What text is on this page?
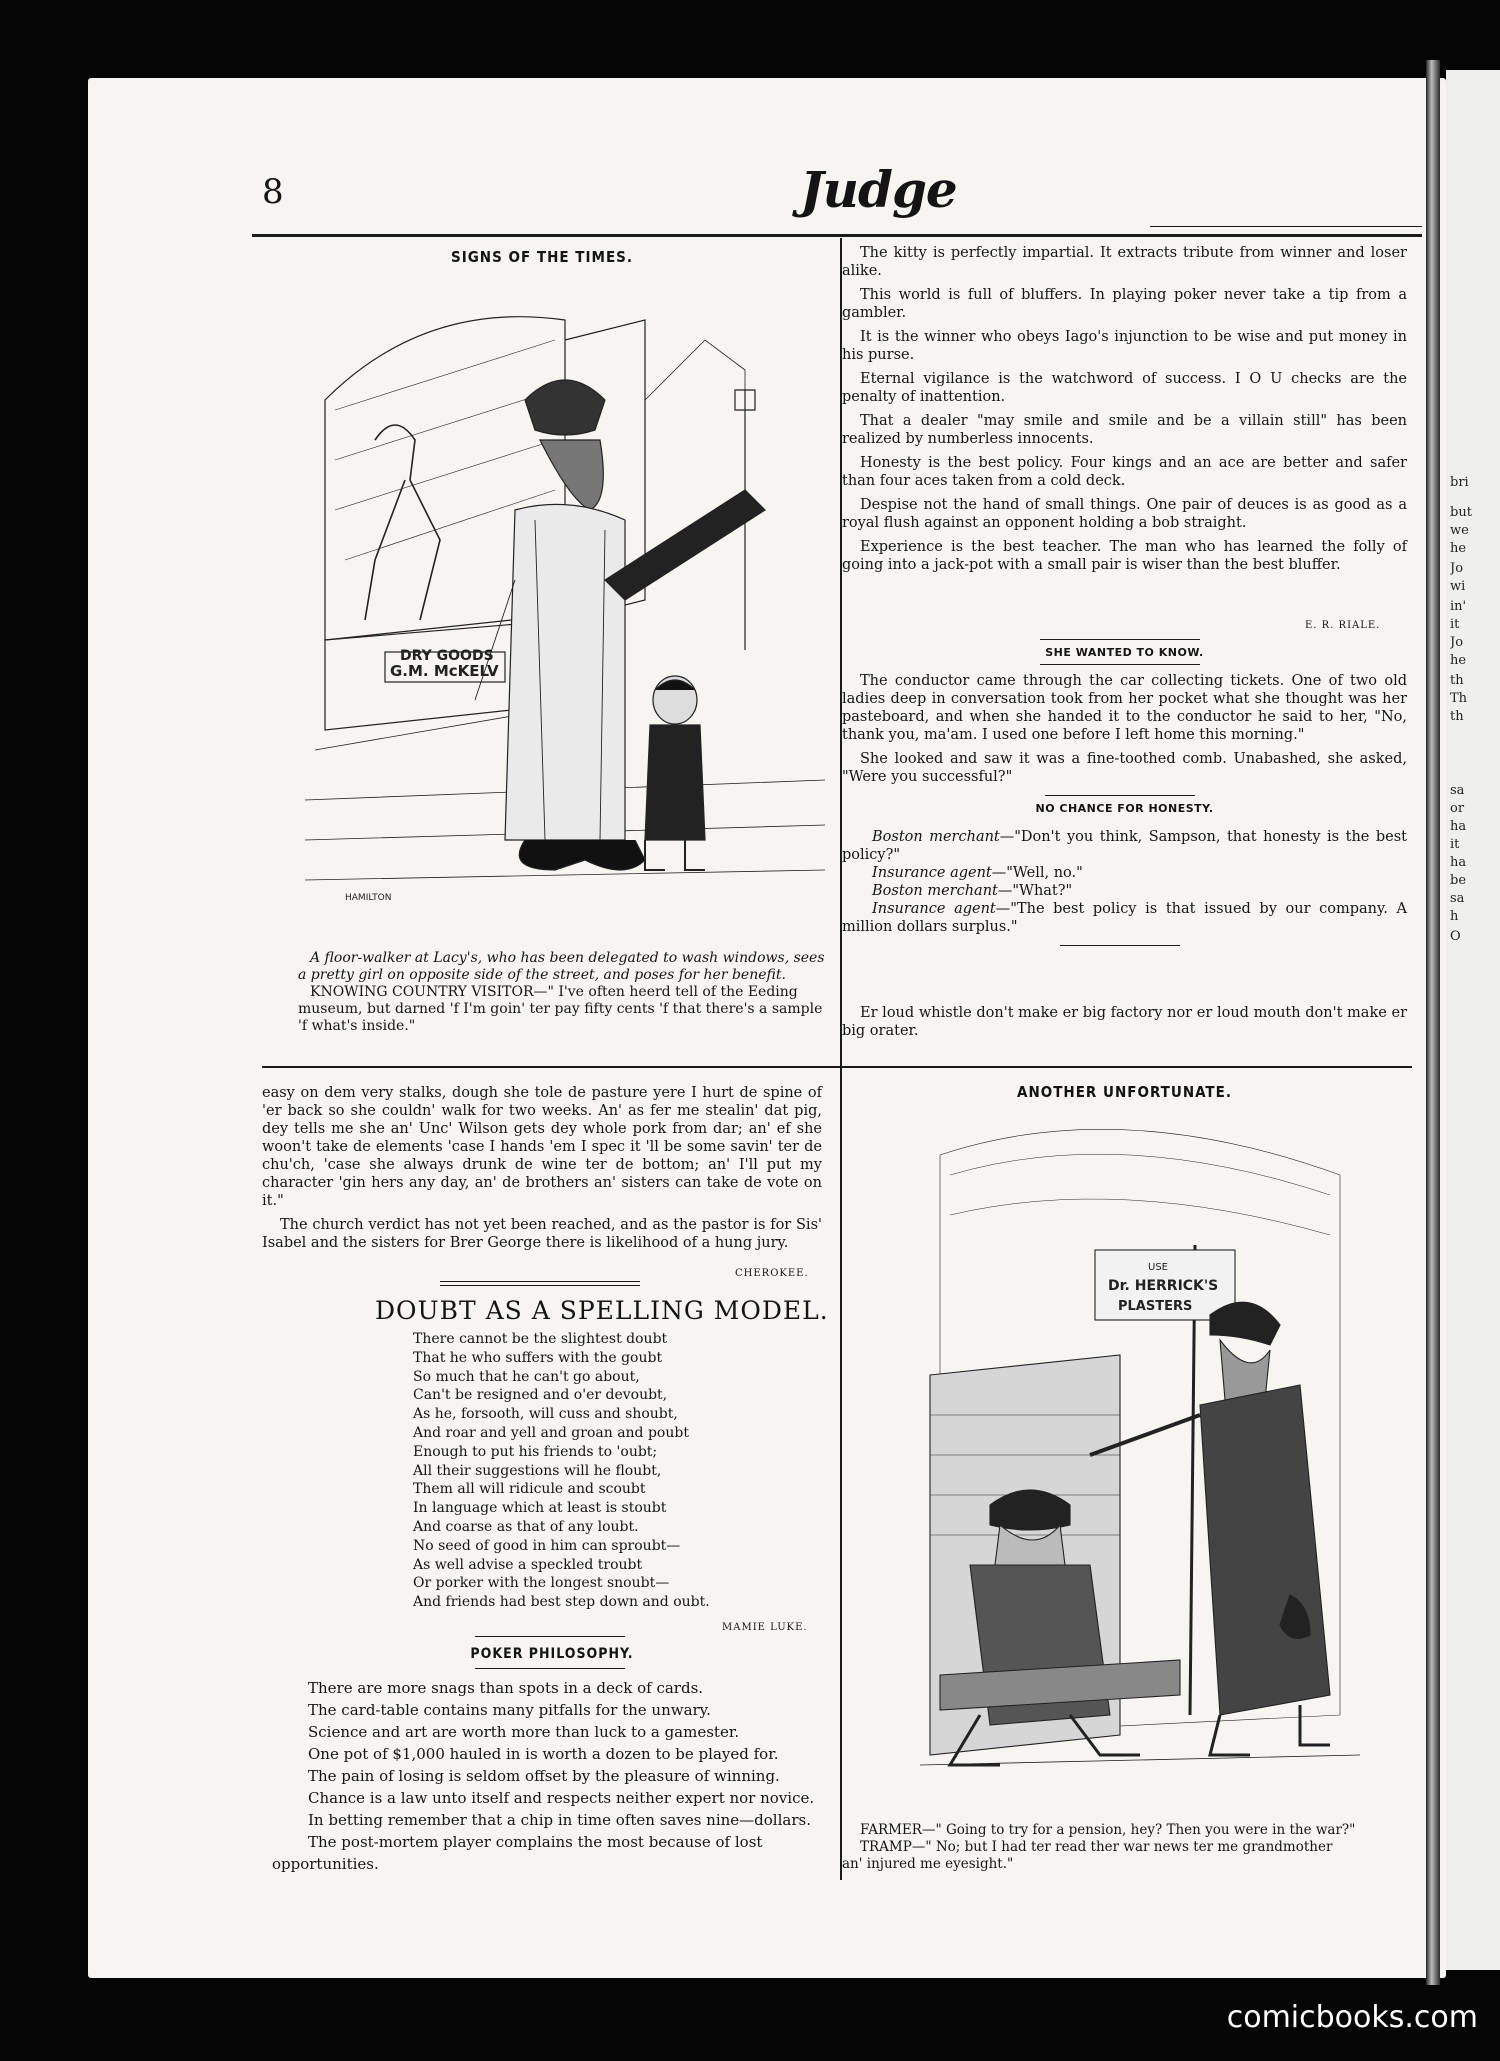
bri
but
we
he
Jo
wi
in'
it
Jo
he
th
Th
th
sa
or
ha
it
ha
be
sa
h
O
8	Judge
SIGNS OF THE TIMES.
DRY GOODS
G.M. McKELV
HAMILTON
A floor-walker at Lacy's, who has been delegated to wash windows, sees a pretty girl on opposite side of the street, and poses for her benefit.
KNOWING COUNTRY VISITOR—" I've often heerd tell of the Eeding
museum, but darned 'f I'm goin' ter pay fifty cents 'f that there's a sample
'f what's inside."

The kitty is perfectly impartial. It extracts tribute from winner and loser alike.

This world is full of bluffers. In playing poker never take a tip from a gambler.

It is the winner who obeys Iago's injunction to be wise and put money in his purse.

Eternal vigilance is the watchword of success. I O U checks are the penalty of inattention.

That a dealer "may smile and smile and be a villain still" has been realized by numberless innocents.

Honesty is the best policy. Four kings and an ace are better and safer than four aces taken from a cold deck.

Despise not the hand of small things. One pair of deuces is as good as a royal flush against an opponent holding a bob straight.

Experience is the best teacher. The man who has learned the folly of going into a jack-pot with a small pair is wiser than the best bluffer.

E. R. RIALE.
SHE WANTED TO KNOW.

The conductor came through the car collecting tickets. One of two old ladies deep in conversation took from her pocket what she thought was her pasteboard, and when she handed it to the conductor he said to her, "No, thank you, ma'am. I used one before I left home this morning."

She looked and saw it was a fine-toothed comb. Unabashed, she asked, "Were you successful?"

NO CHANCE FOR HONESTY.
Boston merchant—"Don't you think, Sampson, that honesty is the best policy?"
Insurance agent—"Well, no."
Boston merchant—"What?"
Insurance agent—"The best policy is that issued by our company. A million dollars surplus."

Er loud whistle don't make er big factory nor er loud mouth don't make er big orater.

easy on dem very stalks, dough she tole de pasture yere I hurt de spine of 'er back so she couldn' walk for two weeks. An' as fer me stealin' dat pig, dey tells me she an' Unc' Wilson gets dey whole pork from dar; an' ef she woon't take de elements 'case I hands 'em I spec it 'll be some savin' ter de chu'ch, 'case she always drunk de wine ter de bottom; an' I'll put my character 'gin hers any day, an' de brothers an' sisters can take de vote on it."

The church verdict has not yet been reached, and as the pastor is for Sis' Isabel and the sisters for Brer George there is likelihood of a hung jury.

CHEROKEE.
DOUBT AS A SPELLING MODEL.
There cannot be the slightest doubt
That he who suffers with the goubt
So much that he can't go about,
Can't be resigned and o'er devoubt,
As he, forsooth, will cuss and shoubt,
And roar and yell and groan and poubt
Enough to put his friends to 'oubt;
All their suggestions will he floubt,
Them all will ridicule and scoubt
In language which at least is stoubt
And coarse as that of any loubt.
No seed of good in him can sproubt—
As well advise a speckled troubt
Or porker with the longest snoubt—
And friends had best step down and oubt.
MAMIE LUKE.
POKER PHILOSOPHY.
There are more snags than spots in a deck of cards.
The card-table contains many pitfalls for the unwary.
Science and art are worth more than luck to a gamester.
One pot of $1,000 hauled in is worth a dozen to be played for.
The pain of losing is seldom offset by the pleasure of winning.
Chance is a law unto itself and respects neither expert nor novice.
In betting remember that a chip in time often saves nine—dollars.
The post-mortem player complains the most because of lost
opportunities.
ANOTHER UNFORTUNATE.
USE
Dr. HERRICK'S
PLASTERS
FARMER—" Going to try for a pension, hey? Then you were in the war?"
TRAMP—" No; but I had ter read ther war news ter me grandmother
an' injured me eyesight."
comicbooks.com
